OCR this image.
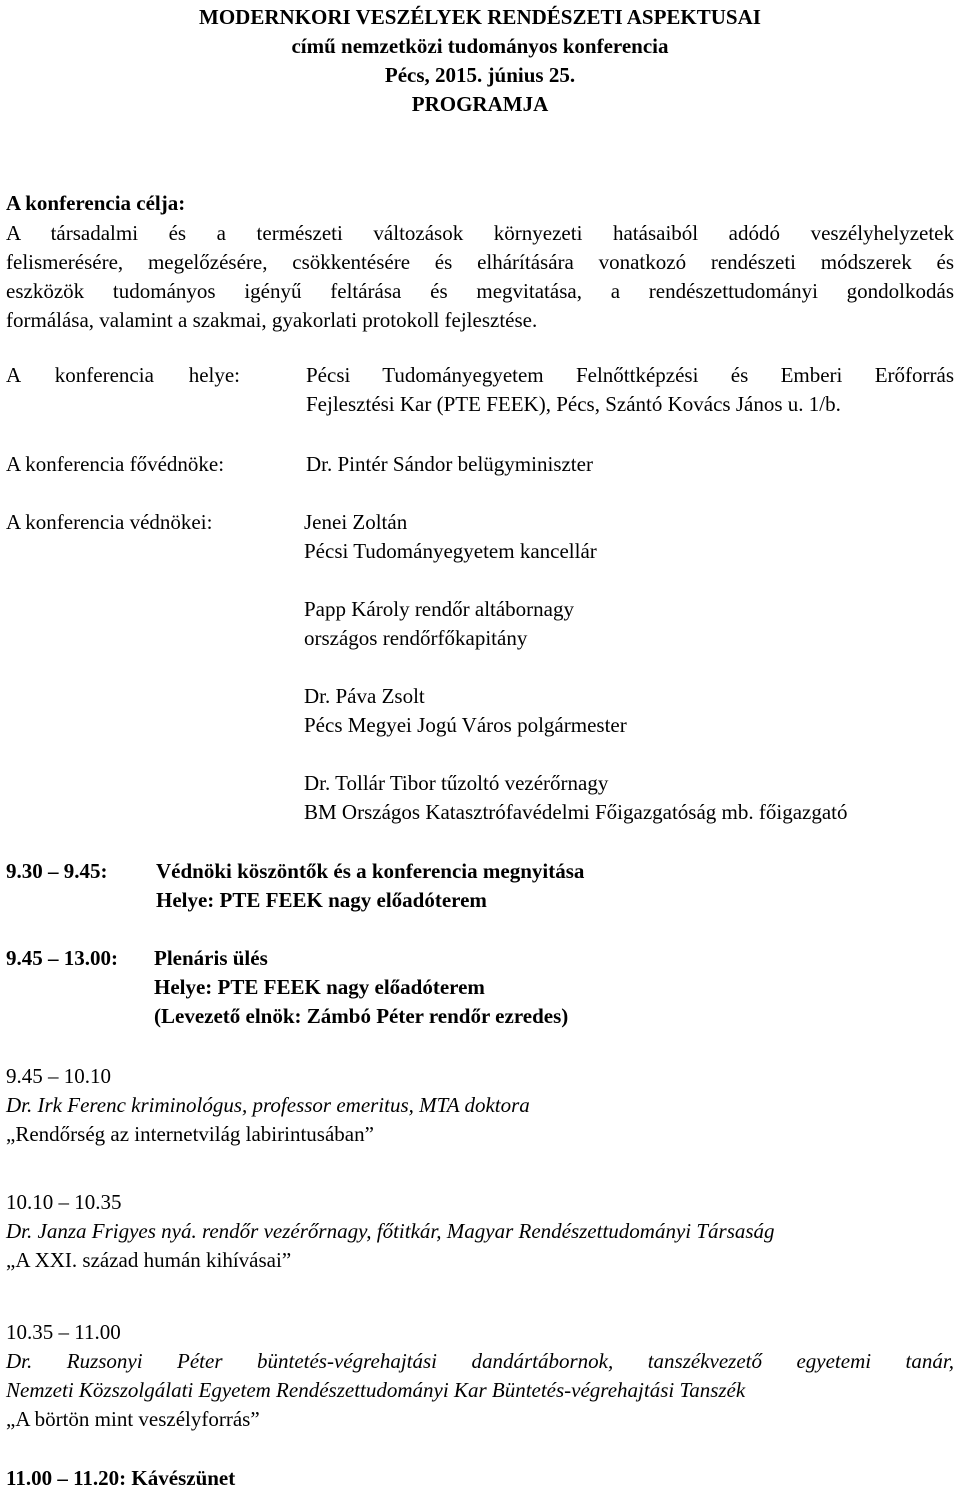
MODERNKORI VESZÉLYEK RENDÉSZETI ASPEKTUSAI
című nemzetközi tudományos konferencia
Pécs, 2015. június 25.
PROGRAMJA
A konferencia célja:
A társadalmi és a természeti változások környezeti hatásaiból adódó veszélyhelyzetek
felismerésére, megelőzésére, csökkentésére és elhárítására vonatkozó rendészeti módszerek és
eszközök tudományos igényű feltárása és megvitatása, a rendészettudományi gondolkodás
formálása, valamint a szakmai, gyakorlati protokoll fejlesztése.
A konferencia helye:	Pécsi Tudományegyetem Felnőttképzési és Emberi Erőforrás
Fejlesztési Kar (PTE FEEK), Pécs, Szántó Kovács János u. 1/b.
A konferencia fővédnöke:	Dr. Pintér Sándor belügyminiszter
A konferencia védnökei:	Jenei Zoltán
Pécsi Tudományegyetem kancellár
Papp Károly rendőr altábornagy
országos rendőrfőkapitány
Dr. Páva Zsolt
Pécs Megyei Jogú Város polgármester
Dr. Tollár Tibor tűzoltó vezérőrnagy
BM Országos Katasztrófavédelmi Főigazgatóság mb. főigazgató
9.30 – 9.45: Védnöki köszöntők és a konferencia megnyitása
Helye: PTE FEEK nagy előadóterem
9.45 – 13.00: Plenáris ülés
Helye: PTE FEEK nagy előadóterem
(Levezető elnök: Zámbó Péter rendőr ezredes)
9.45 – 10.10
Dr. Irk Ferenc kriminológus, professor emeritus, MTA doktora
„Rendőrség az internetvilág labirintusában”
10.10 – 10.35
Dr. Janza Frigyes nyá. rendőr vezérőrnagy, főtitkár, Magyar Rendészettudományi Társaság
„A XXI. század humán kihívásai”
10.35 – 11.00
Dr. Ruzsonyi Péter büntetés-végrehajtási dandártábornok, tanszékvezető egyetemi tanár,
Nemzeti Közszolgálati Egyetem Rendészettudományi Kar Büntetés-végrehajtási Tanszék
„A börtön mint veszélyforrás”
11.00 – 11.20: Kávészünet
